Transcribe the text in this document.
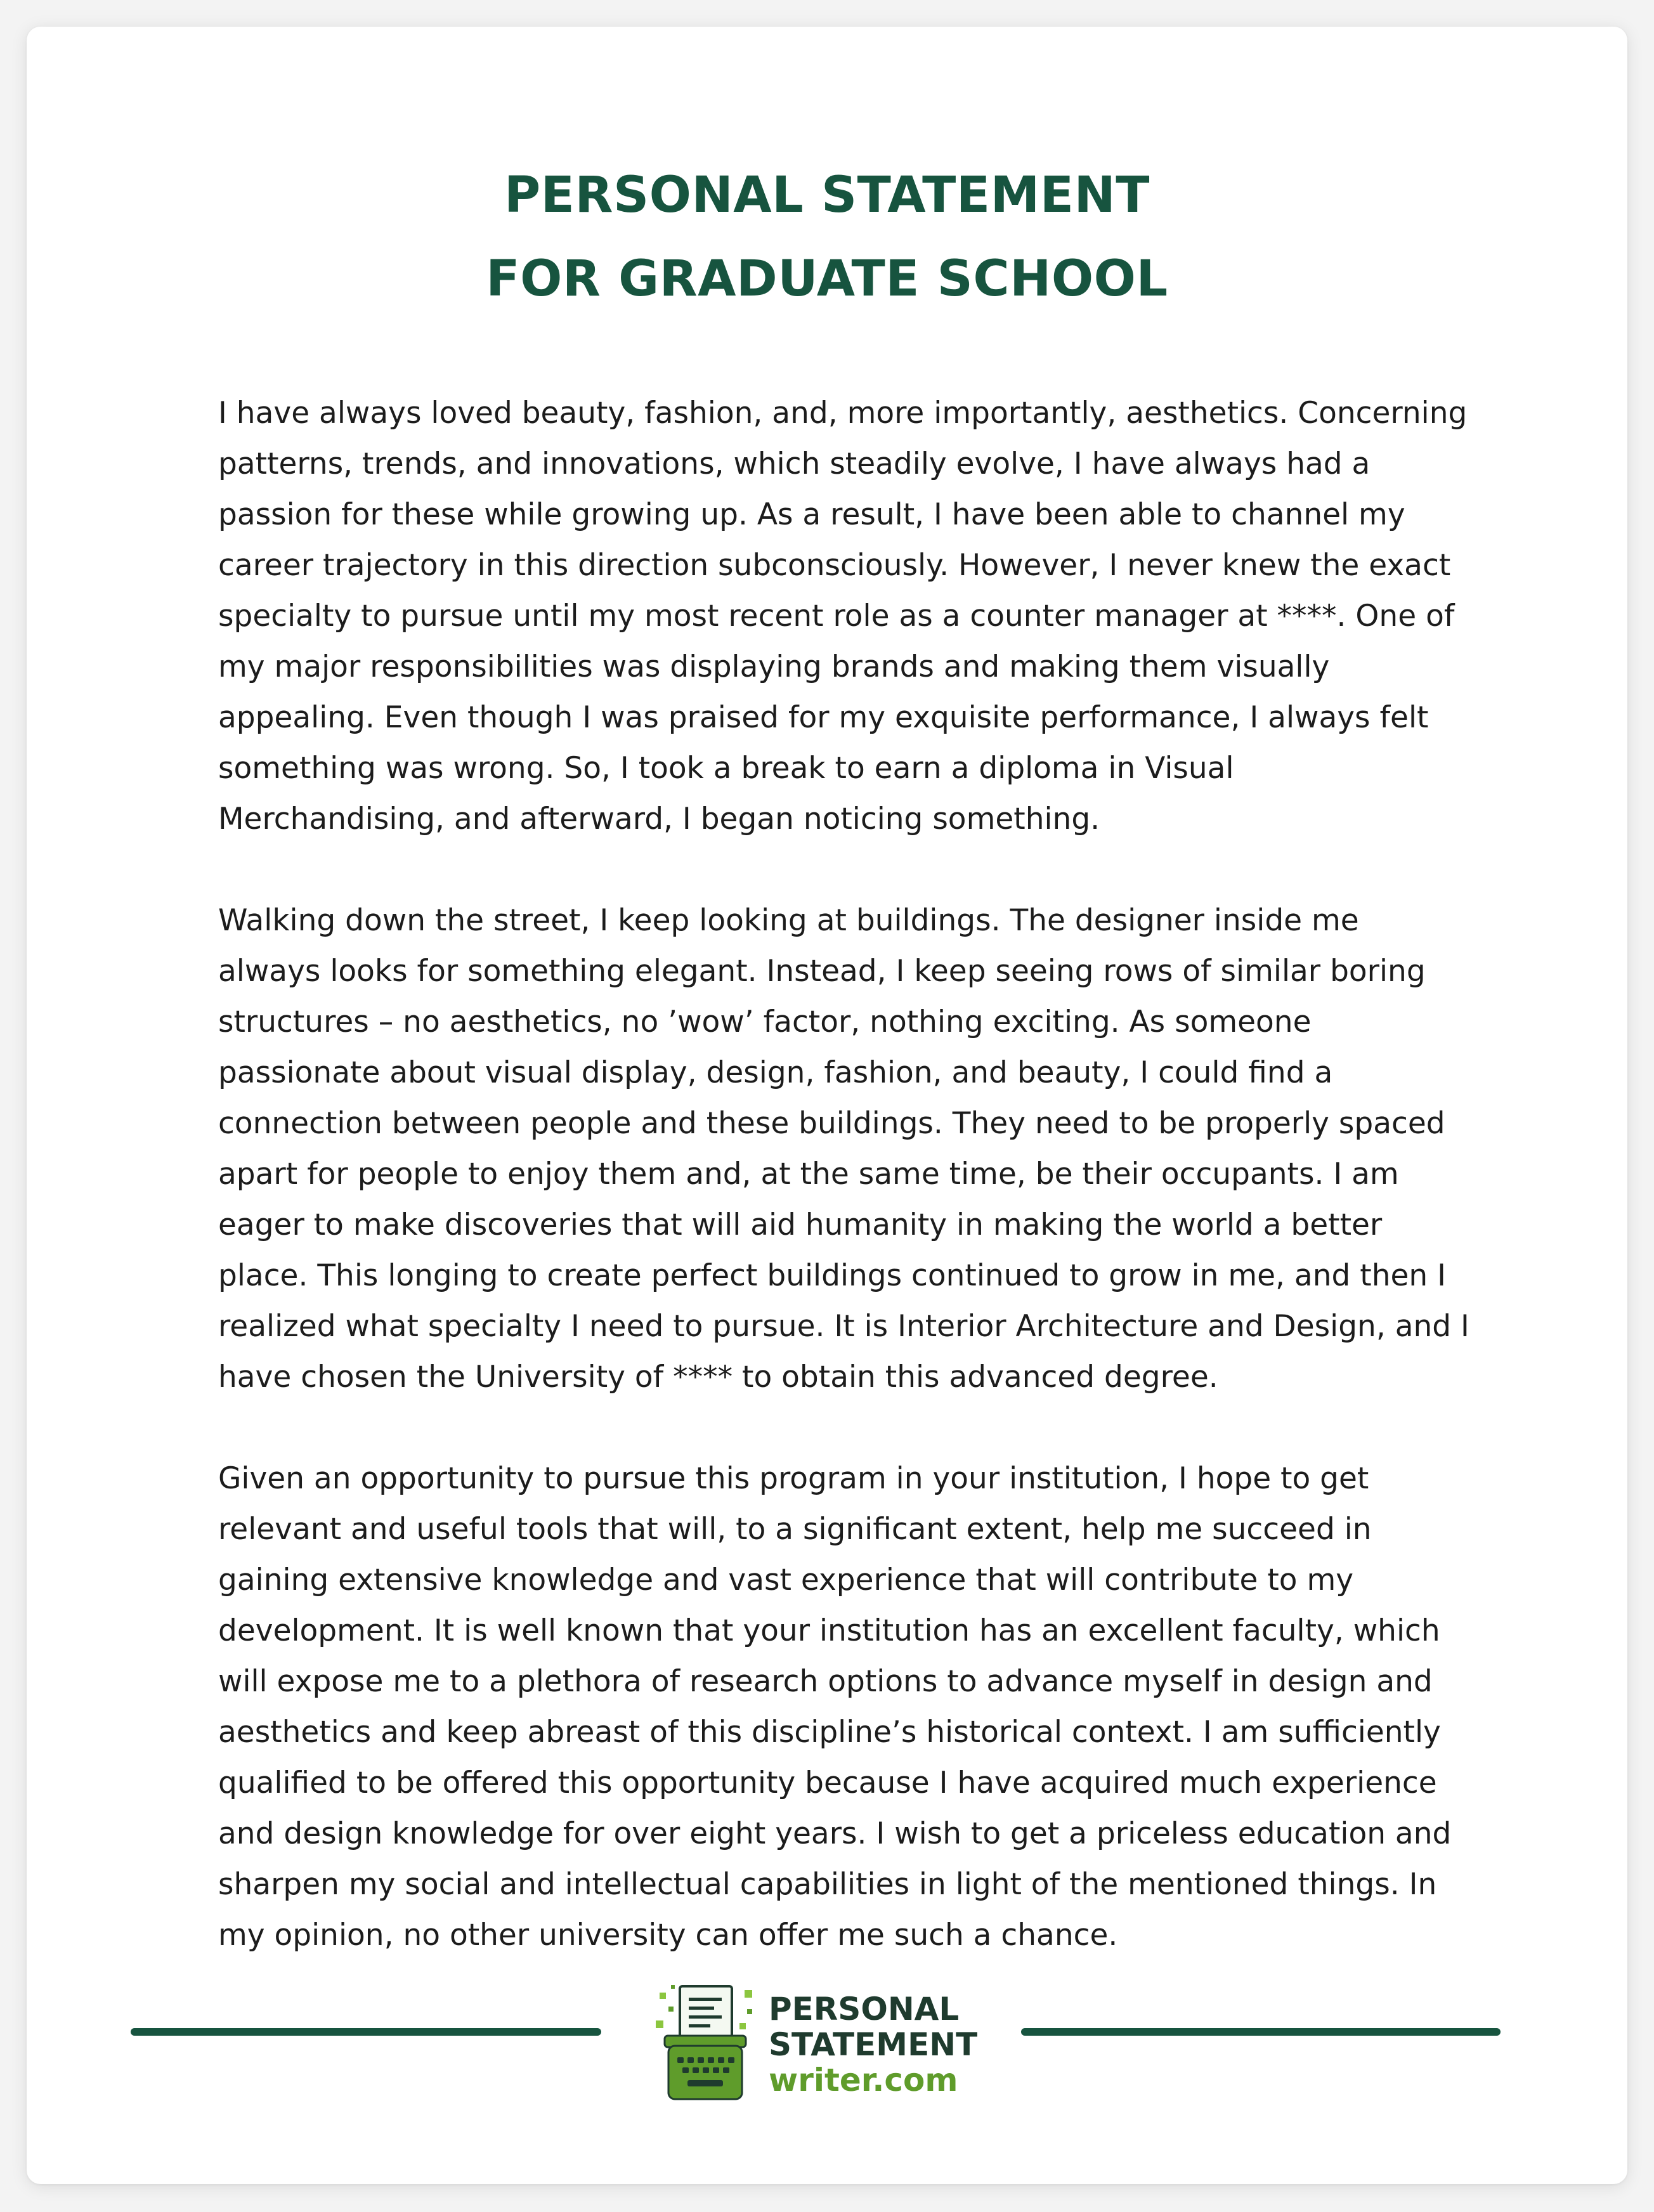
PERSONAL STATEMENT
FOR GRADUATE SCHOOL

I have always loved beauty, fashion, and, more importantly, aesthetics. Concerning
patterns, trends, and innovations, which steadily evolve, I have always had a
passion for these while growing up. As a result, I have been able to channel my
career trajectory in this direction subconsciously. However, I never knew the exact
specialty to pursue until my most recent role as a counter manager at ****. One of
my major responsibilities was displaying brands and making them visually
appealing. Even though I was praised for my exquisite performance, I always felt
something was wrong. So, I took a break to earn a diploma in Visual
Merchandising, and afterward, I began noticing something.

Walking down the street, I keep looking at buildings. The designer inside me
always looks for something elegant. Instead, I keep seeing rows of similar boring
structures – no aesthetics, no ’wow’ factor, nothing exciting. As someone
passionate about visual display, design, fashion, and beauty, I could find a
connection between people and these buildings. They need to be properly spaced
apart for people to enjoy them and, at the same time, be their occupants. I am
eager to make discoveries that will aid humanity in making the world a better
place. This longing to create perfect buildings continued to grow in me, and then I
realized what specialty I need to pursue. It is Interior Architecture and Design, and I
have chosen the University of **** to obtain this advanced degree.

Given an opportunity to pursue this program in your institution, I hope to get
relevant and useful tools that will, to a significant extent, help me succeed in
gaining extensive knowledge and vast experience that will contribute to my
development. It is well known that your institution has an excellent faculty, which
will expose me to a plethora of research options to advance myself in design and
aesthetics and keep abreast of this discipline’s historical context. I am sufficiently
qualified to be offered this opportunity because I have acquired much experience
and design knowledge for over eight years. I wish to get a priceless education and
sharpen my social and intellectual capabilities in light of the mentioned things. In
my opinion, no other university can offer me such a chance.

PERSONAL
STATEMENT
writer.com
